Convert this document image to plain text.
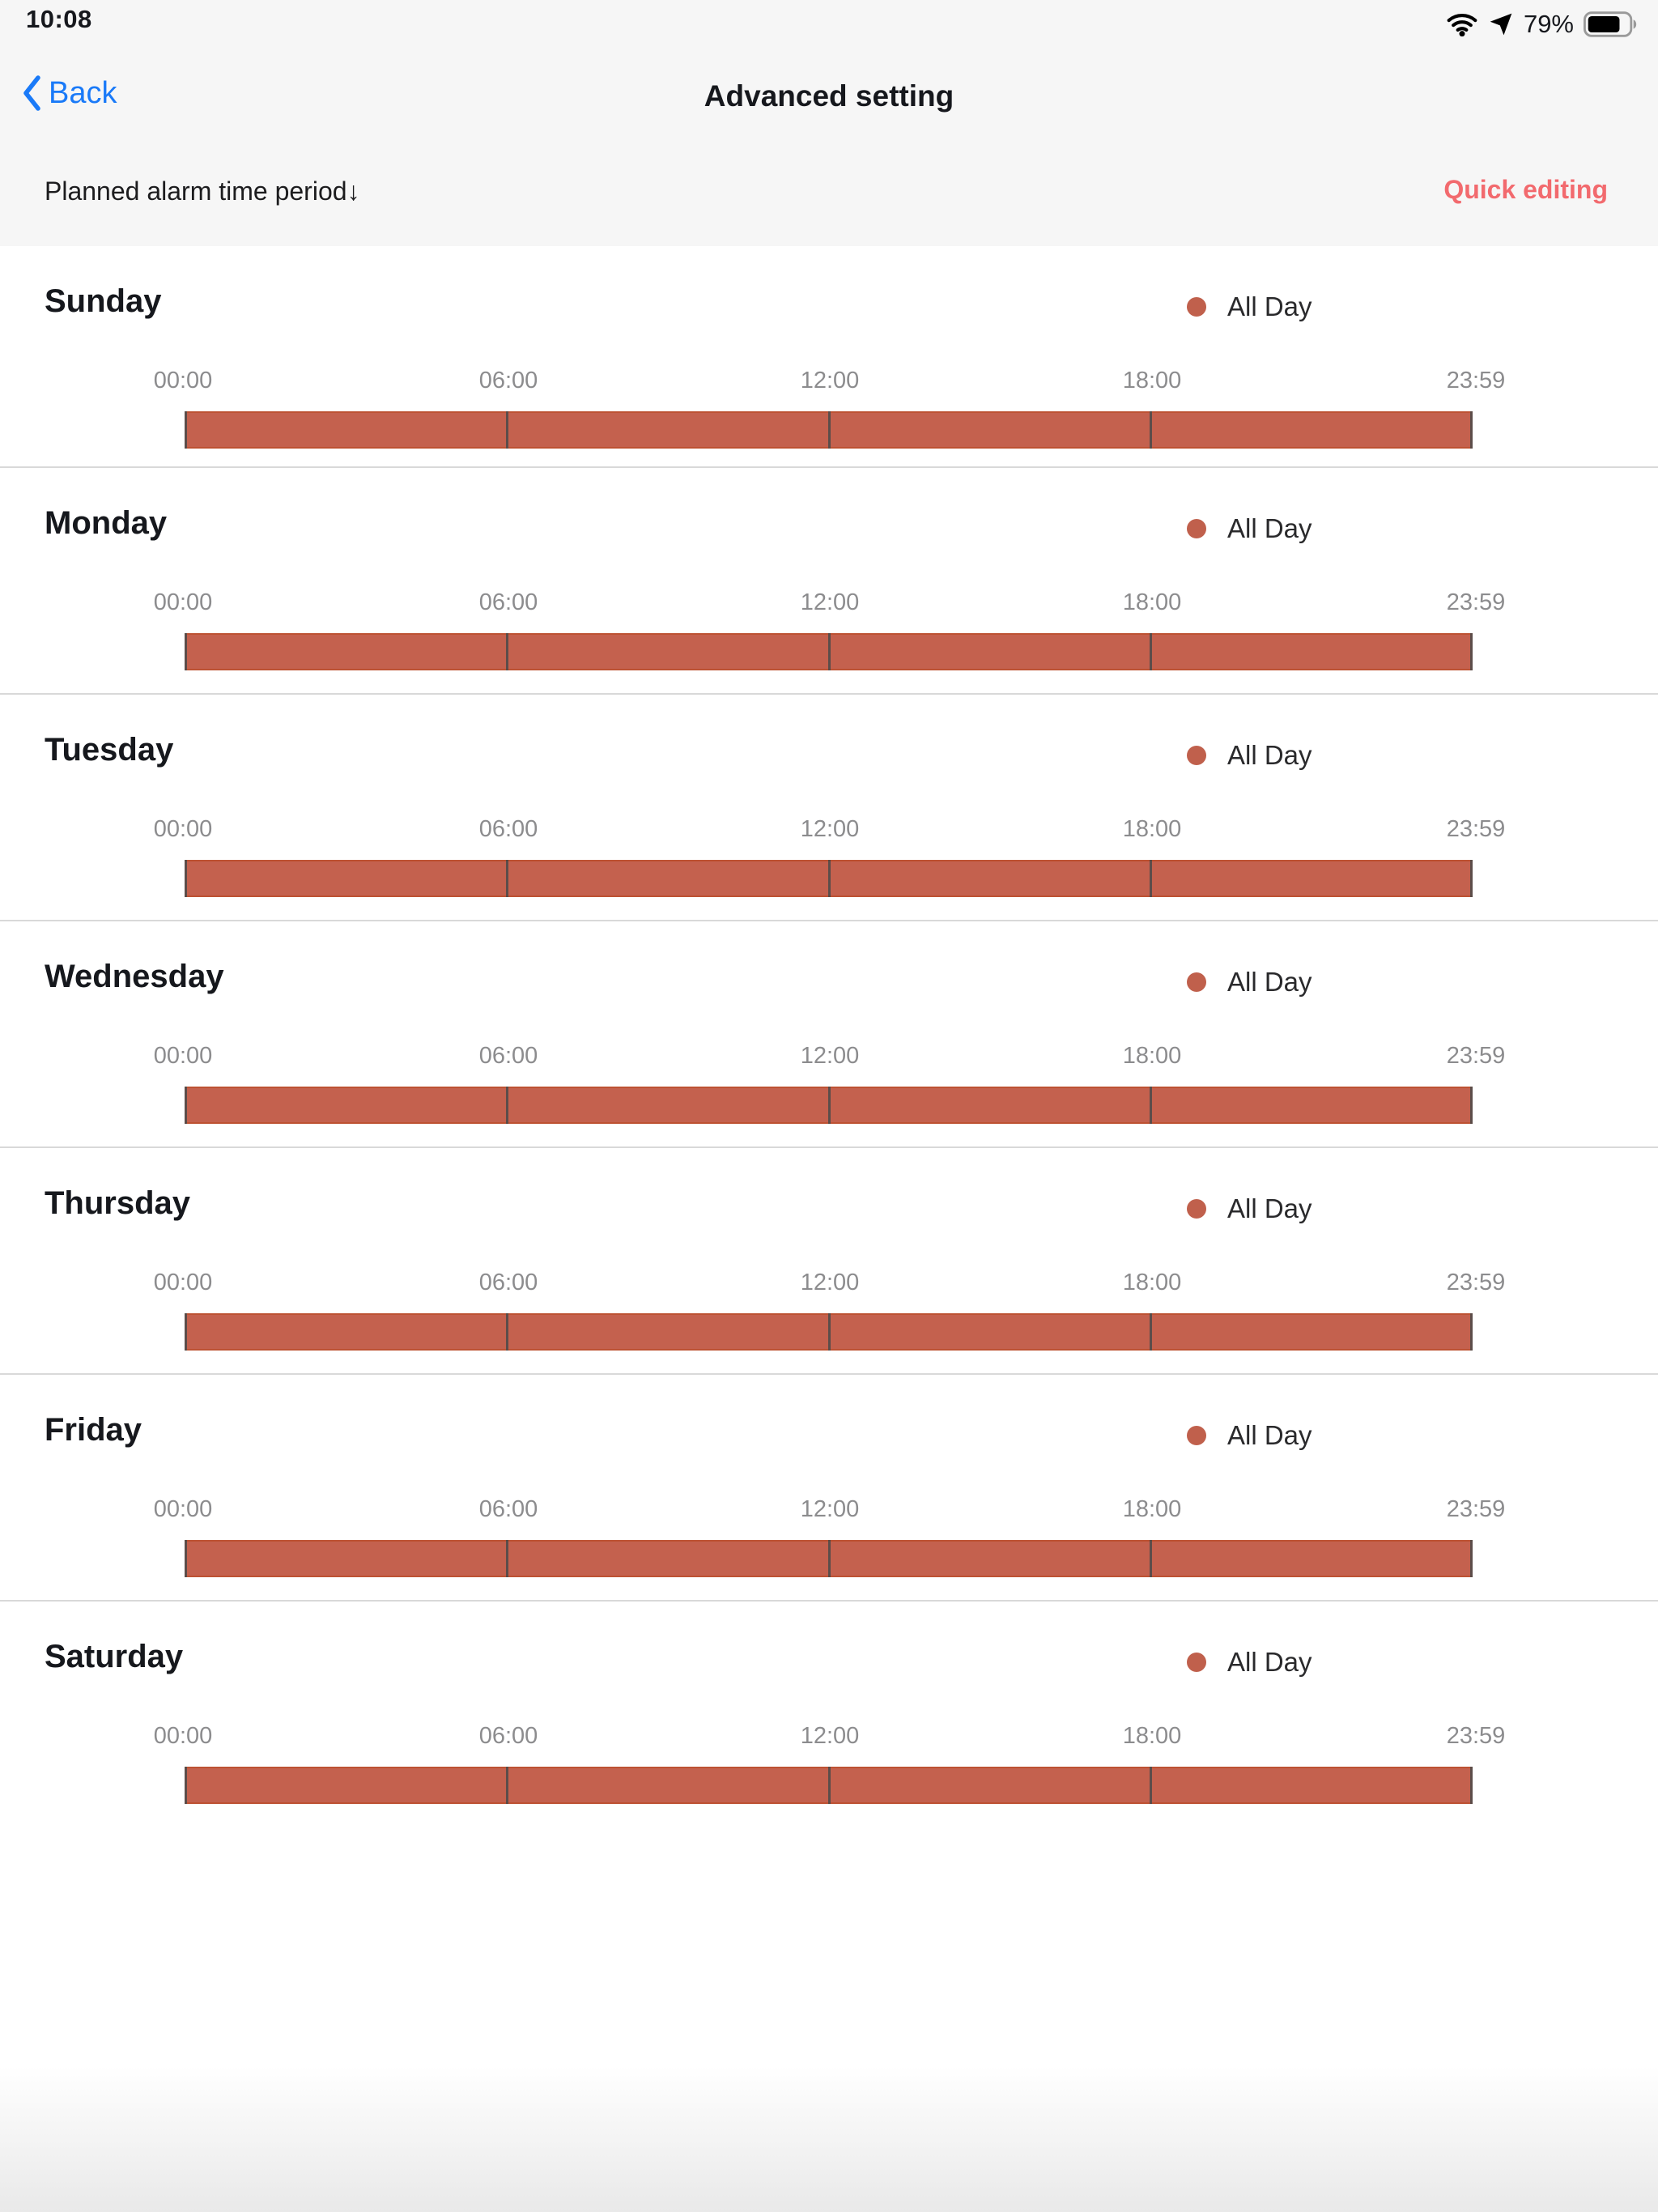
10:08	79%
Back	Advanced setting
Planned alarm time period↓	Quick editing
Sunday	All Day
00:00	06:00	12:00	18:00	23:59
Monday	All Day
00:00	06:00	12:00	18:00	23:59
Tuesday	All Day
00:00	06:00	12:00	18:00	23:59
Wednesday	All Day
00:00	06:00	12:00	18:00	23:59
Thursday	All Day
00:00	06:00	12:00	18:00	23:59
Friday	All Day
00:00	06:00	12:00	18:00	23:59
Saturday	All Day
00:00	06:00	12:00	18:00	23:59
